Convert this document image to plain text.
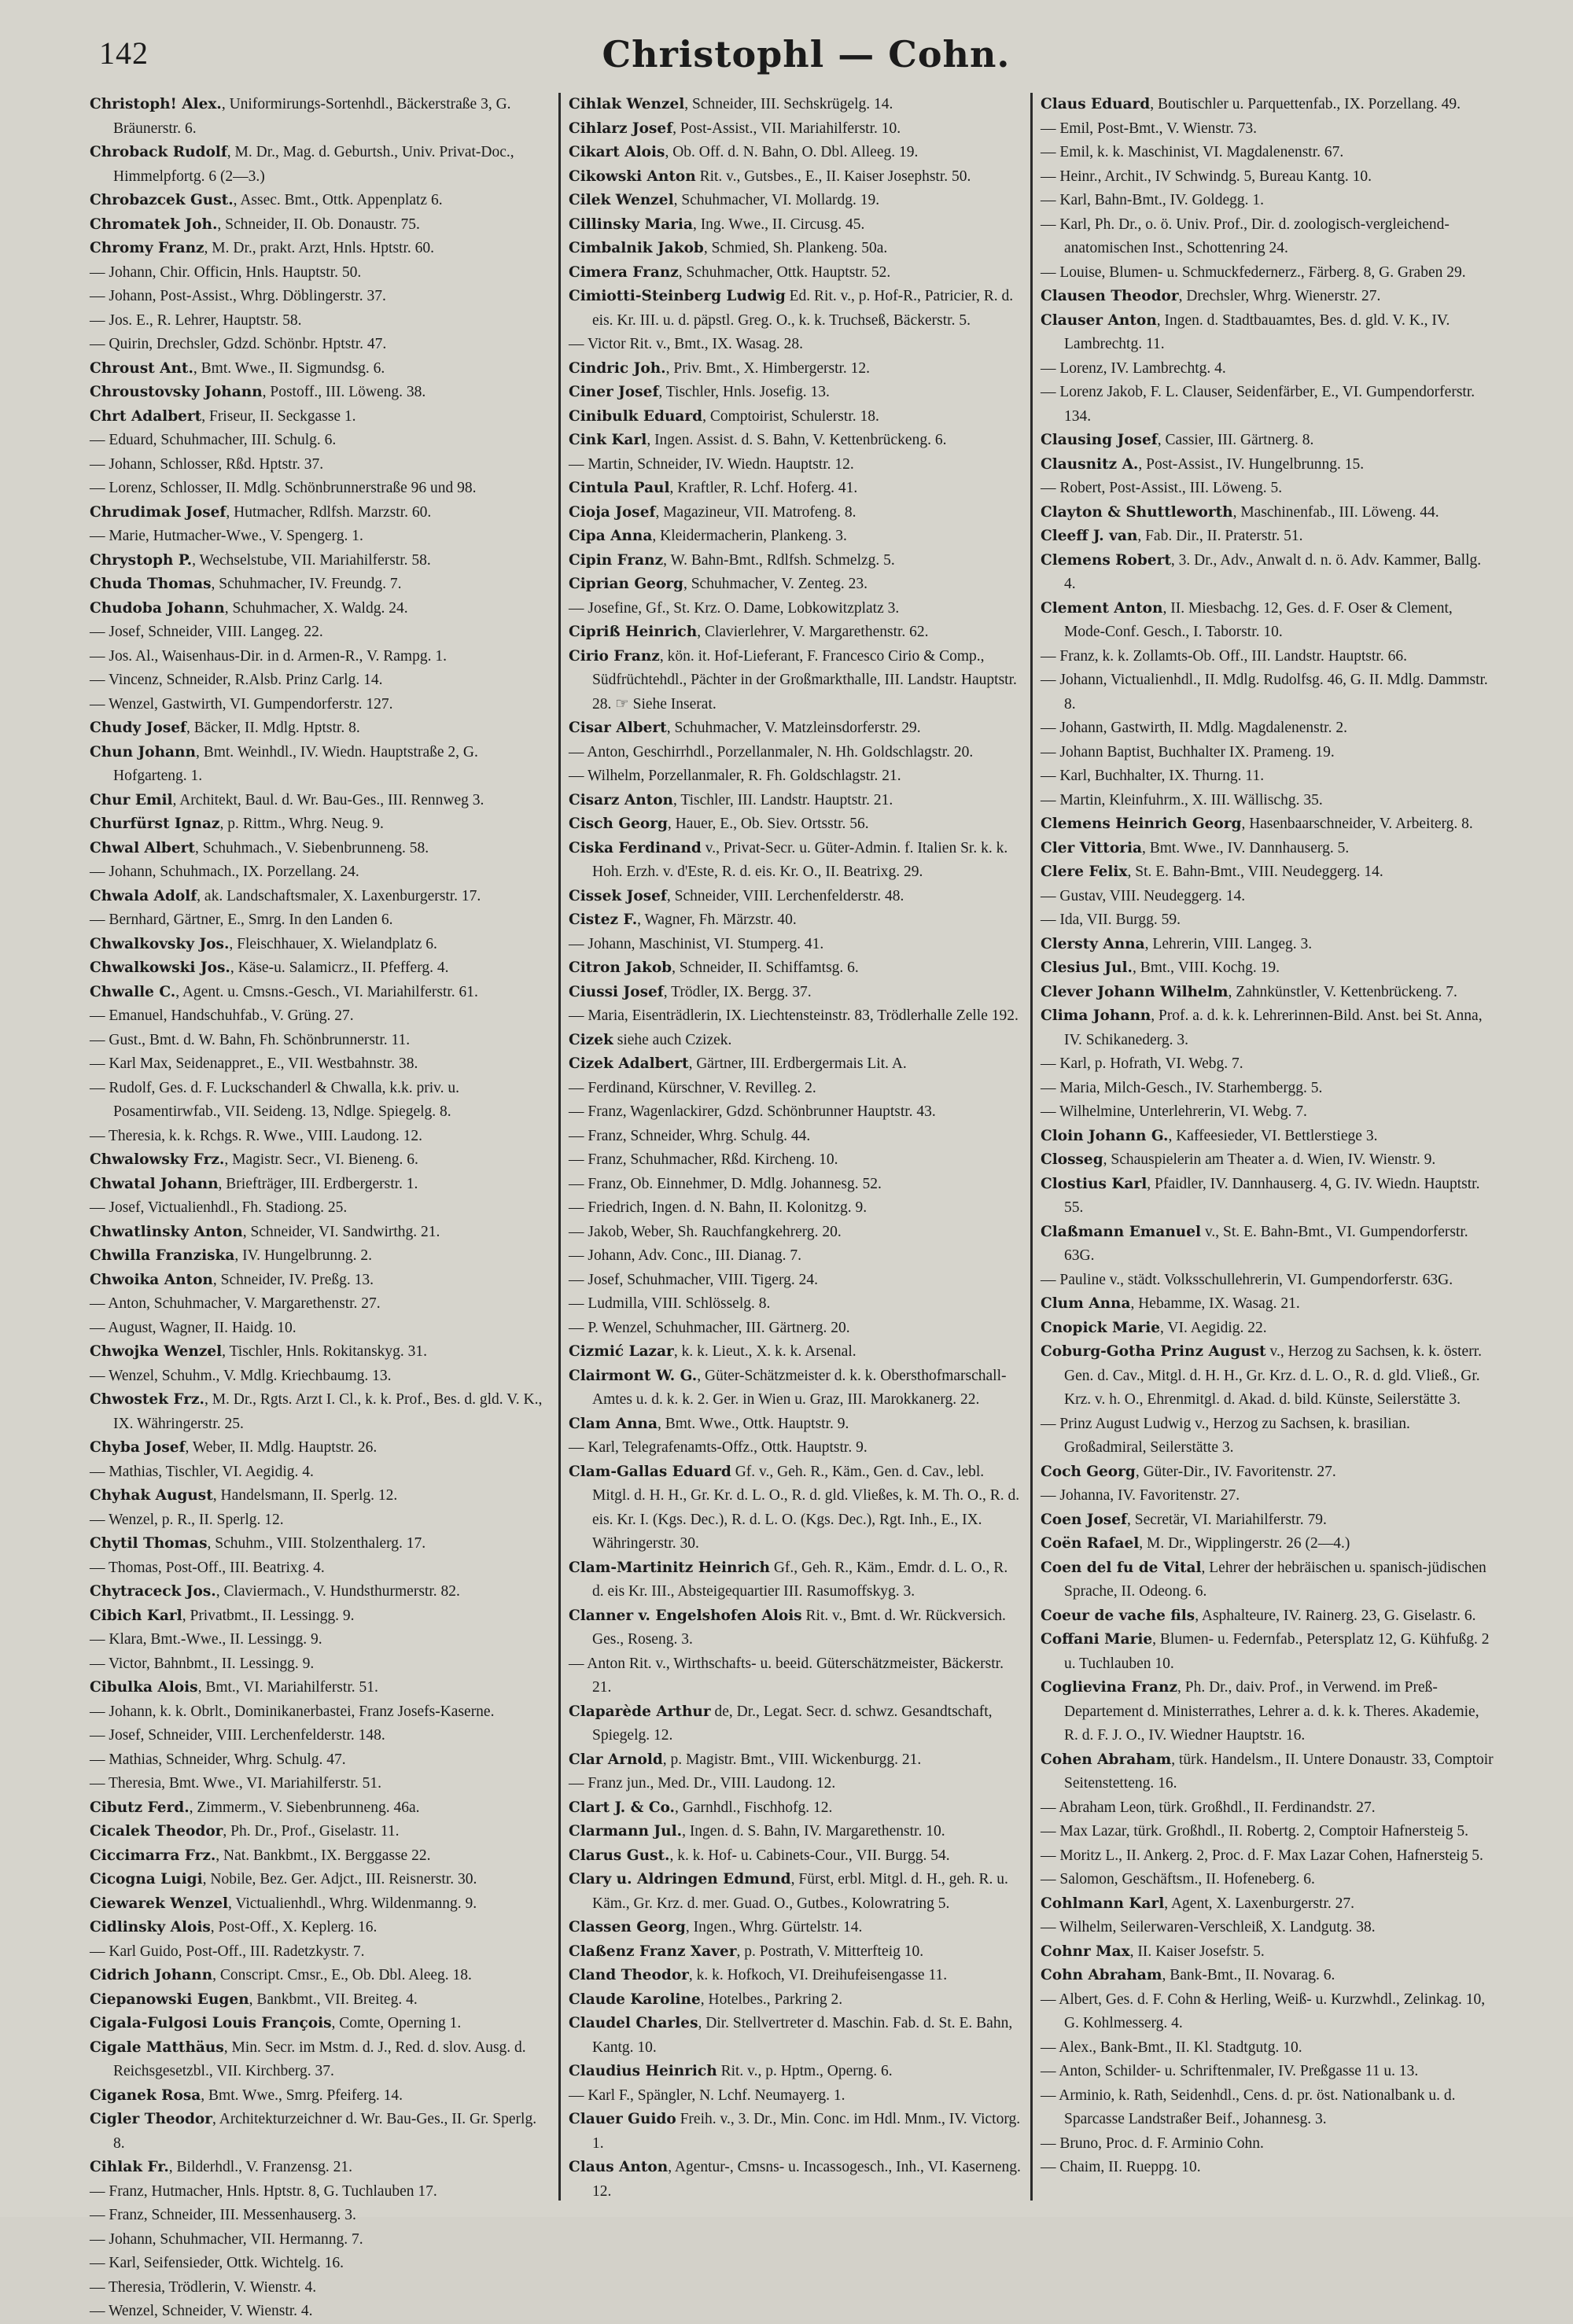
142	Christophl — Cohn.

Christoph! Alex., Uniformirungs-Sortenhdl., Bäckerstraße 3, G. Bräunerstr. 6.

Chroback Rudolf, M. Dr., Mag. d. Geburtsh., Univ. Privat-Doc., Himmelpfortg. 6 (2—3.)

Chrobazcek Gust., Assec. Bmt., Ottk. Appenplatz 6.

Chromatek Joh., Schneider, II. Ob. Donaustr. 75.

Chromy Franz, M. Dr., prakt. Arzt, Hnls. Hptstr. 60.

— Johann, Chir. Officin, Hnls. Hauptstr. 50.

— Johann, Post-Assist., Whrg. Döblingerstr. 37.

— Jos. E., R. Lehrer, Hauptstr. 58.

— Quirin, Drechsler, Gdzd. Schönbr. Hptstr. 47.

Chroust Ant., Bmt. Wwe., II. Sigmundsg. 6.

Chroustovsky Johann, Postoff., III. Löweng. 38.

Chrt Adalbert, Friseur, II. Seckgasse 1.

— Eduard, Schuhmacher, III. Schulg. 6.

— Johann, Schlosser, Rßd. Hptstr. 37.

— Lorenz, Schlosser, II. Mdlg. Schönbrunnerstraße 96 und 98.

Chrudimak Josef, Hutmacher, Rdlfsh. Marzstr. 60.

— Marie, Hutmacher-Wwe., V. Spengerg. 1.

Chrystoph P., Wechselstube, VII. Mariahilferstr. 58.

Chuda Thomas, Schuhmacher, IV. Freundg. 7.

Chudoba Johann, Schuhmacher, X. Waldg. 24.

— Josef, Schneider, VIII. Langeg. 22.

— Jos. Al., Waisenhaus-Dir. in d. Armen-R., V. Rampg. 1.

— Vincenz, Schneider, R.Alsb. Prinz Carlg. 14.

— Wenzel, Gastwirth, VI. Gumpendorferstr. 127.

Chudy Josef, Bäcker, II. Mdlg. Hptstr. 8.

Chun Johann, Bmt. Weinhdl., IV. Wiedn. Hauptstraße 2, G. Hofgarteng. 1.

Chur Emil, Architekt, Baul. d. Wr. Bau-Ges., III. Rennweg 3.

Churfürst Ignaz, p. Rittm., Whrg. Neug. 9.

Chwal Albert, Schuhmach., V. Siebenbrunneng. 58.

— Johann, Schuhmach., IX. Porzellang. 24.

Chwala Adolf, ak. Landschaftsmaler, X. Laxenburgerstr. 17.

— Bernhard, Gärtner, E., Smrg. In den Landen 6.

Chwalkovsky Jos., Fleischhauer, X. Wielandplatz 6.

Chwalkowski Jos., Käse-u. Salamicrz., II. Pfefferg. 4.

Chwalle C., Agent. u. Cmsns.-Gesch., VI. Mariahilferstr. 61.

— Emanuel, Handschuhfab., V. Grüng. 27.

— Gust., Bmt. d. W. Bahn, Fh. Schönbrunnerstr. 11.

— Karl Max, Seidenappret., E., VII. Westbahnstr. 38.

— Rudolf, Ges. d. F. Luckschanderl & Chwalla, k.k. priv. u. Posamentirwfab., VII. Seideng. 13, Ndlge. Spiegelg. 8.

— Theresia, k. k. Rchgs. R. Wwe., VIII. Laudong. 12.

Chwalowsky Frz., Magistr. Secr., VI. Bieneng. 6.

Chwatal Johann, Briefträger, III. Erdbergerstr. 1.

— Josef, Victualienhdl., Fh. Stadiong. 25.

Chwatlinsky Anton, Schneider, VI. Sandwirthg. 21.

Chwilla Franziska, IV. Hungelbrunng. 2.

Chwoika Anton, Schneider, IV. Preßg. 13.

— Anton, Schuhmacher, V. Margarethenstr. 27.

— August, Wagner, II. Haidg. 10.

Chwojka Wenzel, Tischler, Hnls. Rokitanskyg. 31.

— Wenzel, Schuhm., V. Mdlg. Kriechbaumg. 13.

Chwostek Frz., M. Dr., Rgts. Arzt I. Cl., k. k. Prof., Bes. d. gld. V. K., IX. Währingerstr. 25.

Chyba Josef, Weber, II. Mdlg. Hauptstr. 26.

— Mathias, Tischler, VI. Aegidig. 4.

Chyhak August, Handelsmann, II. Sperlg. 12.

— Wenzel, p. R., II. Sperlg. 12.

Chytil Thomas, Schuhm., VIII. Stolzenthalerg. 17.

— Thomas, Post-Off., III. Beatrixg. 4.

Chytraceck Jos., Claviermach., V. Hundsthurmerstr. 82.

Cibich Karl, Privatbmt., II. Lessingg. 9.

— Klara, Bmt.-Wwe., II. Lessingg. 9.

— Victor, Bahnbmt., II. Lessingg. 9.

Cibulka Alois, Bmt., VI. Mariahilferstr. 51.

— Johann, k. k. Obrlt., Dominikanerbastei, Franz Josefs-Kaserne.

— Josef, Schneider, VIII. Lerchenfelderstr. 148.

— Mathias, Schneider, Whrg. Schulg. 47.

— Theresia, Bmt. Wwe., VI. Mariahilferstr. 51.

Cibutz Ferd., Zimmerm., V. Siebenbrunneng. 46a.

Cicalek Theodor, Ph. Dr., Prof., Giselastr. 11.

Ciccimarra Frz., Nat. Bankbmt., IX. Berggasse 22.

Cicogna Luigi, Nobile, Bez. Ger. Adjct., III. Reisnerstr. 30.

Ciewarek Wenzel, Victualienhdl., Whrg. Wildenmanng. 9.

Cidlinsky Alois, Post-Off., X. Keplerg. 16.

— Karl Guido, Post-Off., III. Radetzkystr. 7.

Cidrich Johann, Conscript. Cmsr., E., Ob. Dbl. Aleeg. 18.

Ciepanowski Eugen, Bankbmt., VII. Breiteg. 4.

Cigala-Fulgosi Louis François, Comte, Operning 1.

Cigale Matthäus, Min. Secr. im Mstm. d. J., Red. d. slov. Ausg. d. Reichsgesetzbl., VII. Kirchberg. 37.

Ciganek Rosa, Bmt. Wwe., Smrg. Pfeiferg. 14.

Cigler Theodor, Architekturzeichner d. Wr. Bau-Ges., II. Gr. Sperlg. 8.

Cihlak Fr., Bilderhdl., V. Franzensg. 21.

— Franz, Hutmacher, Hnls. Hptstr. 8, G. Tuchlauben 17.

— Franz, Schneider, III. Messenhauserg. 3.

— Johann, Schuhmacher, VII. Hermanng. 7.

— Karl, Seifensieder, Ottk. Wichtelg. 16.

— Theresia, Trödlerin, V. Wienstr. 4.

— Wenzel, Schneider, V. Wienstr. 4.

Cihlak Wenzel, Schneider, III. Sechskrügelg. 14.

Cihlarz Josef, Post-Assist., VII. Mariahilferstr. 10.

Cikart Alois, Ob. Off. d. N. Bahn, O. Dbl. Alleeg. 19.

Cikowski Anton Rit. v., Gutsbes., E., II. Kaiser Josephstr. 50.

Cilek Wenzel, Schuhmacher, VI. Mollardg. 19.

Cillinsky Maria, Ing. Wwe., II. Circusg. 45.

Cimbalnik Jakob, Schmied, Sh. Plankeng. 50a.

Cimera Franz, Schuhmacher, Ottk. Hauptstr. 52.

Cimiotti-Steinberg Ludwig Ed. Rit. v., p. Hof-R., Patricier, R. d. eis. Kr. III. u. d. päpstl. Greg. O., k. k. Truchseß, Bäckerstr. 5.

— Victor Rit. v., Bmt., IX. Wasag. 28.

Cindric Joh., Priv. Bmt., X. Himbergerstr. 12.

Ciner Josef, Tischler, Hnls. Josefig. 13.

Cinibulk Eduard, Comptoirist, Schulerstr. 18.

Cink Karl, Ingen. Assist. d. S. Bahn, V. Kettenbrückeng. 6.

— Martin, Schneider, IV. Wiedn. Hauptstr. 12.

Cintula Paul, Kraftler, R. Lchf. Hoferg. 41.

Cioja Josef, Magazineur, VII. Matrofeng. 8.

Cipa Anna, Kleidermacherin, Plankeng. 3.

Cipin Franz, W. Bahn-Bmt., Rdlfsh. Schmelzg. 5.

Ciprian Georg, Schuhmacher, V. Zenteg. 23.

— Josefine, Gf., St. Krz. O. Dame, Lobkowitzplatz 3.

Cipriß Heinrich, Clavierlehrer, V. Margarethenstr. 62.

Cirio Franz, kön. it. Hof-Lieferant, F. Francesco Cirio & Comp., Südfrüchtehdl., Pächter in der Großmarkthalle, III. Landstr. Hauptstr. 28. ☞ Siehe Inserat.

Cisar Albert, Schuhmacher, V. Matzleinsdorferstr. 29.

— Anton, Geschirrhdl., Porzellanmaler, N. Hh. Goldschlagstr. 20.

— Wilhelm, Porzellanmaler, R. Fh. Goldschlagstr. 21.

Cisarz Anton, Tischler, III. Landstr. Hauptstr. 21.

Cisch Georg, Hauer, E., Ob. Siev. Ortsstr. 56.

Ciska Ferdinand v., Privat-Secr. u. Güter-Admin. f. Italien Sr. k. k. Hoh. Erzh. v. d'Este, R. d. eis. Kr. O., II. Beatrixg. 29.

Cissek Josef, Schneider, VIII. Lerchenfelderstr. 48.

Cistez F., Wagner, Fh. Märzstr. 40.

— Johann, Maschinist, VI. Stumperg. 41.

Citron Jakob, Schneider, II. Schiffamtsg. 6.

Ciussi Josef, Trödler, IX. Bergg. 37.

— Maria, Eisenträdlerin, IX. Liechtensteinstr. 83, Trödlerhalle Zelle 192.

Cizek siehe auch Czizek.

Cizek Adalbert, Gärtner, III. Erdbergermais Lit. A.

— Ferdinand, Kürschner, V. Revilleg. 2.

— Franz, Wagenlackirer, Gdzd. Schönbrunner Hauptstr. 43.

— Franz, Schneider, Whrg. Schulg. 44.

— Franz, Schuhmacher, Rßd. Kircheng. 10.

— Franz, Ob. Einnehmer, D. Mdlg. Johannesg. 52.

— Friedrich, Ingen. d. N. Bahn, II. Kolonitzg. 9.

— Jakob, Weber, Sh. Rauchfangkehrerg. 20.

— Johann, Adv. Conc., III. Dianag. 7.

— Josef, Schuhmacher, VIII. Tigerg. 24.

— Ludmilla, VIII. Schlösselg. 8.

— P. Wenzel, Schuhmacher, III. Gärtnerg. 20.

Cizmić Lazar, k. k. Lieut., X. k. k. Arsenal.

Clairmont W. G., Güter-Schätzmeister d. k. k. Obersthofmarschall-Amtes u. d. k. k. 2. Ger. in Wien u. Graz, III. Marokkanerg. 22.

Clam Anna, Bmt. Wwe., Ottk. Hauptstr. 9.

— Karl, Telegrafenamts-Offz., Ottk. Hauptstr. 9.

Clam-Gallas Eduard Gf. v., Geh. R., Käm., Gen. d. Cav., lebl. Mitgl. d. H. H., Gr. Kr. d. L. O., R. d. gld. Vließes, k. M. Th. O., R. d. eis. Kr. I. (Kgs. Dec.), R. d. L. O. (Kgs. Dec.), Rgt. Inh., E., IX. Währingerstr. 30.

Clam-Martinitz Heinrich Gf., Geh. R., Käm., Emdr. d. L. O., R. d. eis Kr. III., Absteigequartier III. Rasumoffskyg. 3.

Clanner v. Engelshofen Alois Rit. v., Bmt. d. Wr. Rückversich. Ges., Roseng. 3.

— Anton Rit. v., Wirthschafts- u. beeid. Güterschätzmeister, Bäckerstr. 21.

Claparède Arthur de, Dr., Legat. Secr. d. schwz. Gesandtschaft, Spiegelg. 12.

Clar Arnold, p. Magistr. Bmt., VIII. Wickenburgg. 21.

— Franz jun., Med. Dr., VIII. Laudong. 12.

Clart J. & Co., Garnhdl., Fischhofg. 12.

Clarmann Jul., Ingen. d. S. Bahn, IV. Margarethenstr. 10.

Clarus Gust., k. k. Hof- u. Cabinets-Cour., VII. Burgg. 54.

Clary u. Aldringen Edmund, Fürst, erbl. Mitgl. d. H., geh. R. u. Käm., Gr. Krz. d. mer. Guad. O., Gutbes., Kolowratring 5.

Classen Georg, Ingen., Whrg. Gürtelstr. 14.

Claßenz Franz Xaver, p. Postrath, V. Mitterfteig 10.

Cland Theodor, k. k. Hofkoch, VI. Dreihufeisengasse 11.

Claude Karoline, Hotelbes., Parkring 2.

Claudel Charles, Dir. Stellvertreter d. Maschin. Fab. d. St. E. Bahn, Kantg. 10.

Claudius Heinrich Rit. v., p. Hptm., Operng. 6.

— Karl F., Spängler, N. Lchf. Neumayerg. 1.

Clauer Guido Freih. v., 3. Dr., Min. Conc. im Hdl. Mnm., IV. Victorg. 1.

Claus Anton, Agentur-, Cmsns- u. Incassogesch., Inh., VI. Kaserneng. 12.

Claus Eduard, Boutischler u. Parquettenfab., IX. Porzellang. 49.

— Emil, Post-Bmt., V. Wienstr. 73.

— Emil, k. k. Maschinist, VI. Magdalenenstr. 67.

— Heinr., Archit., IV Schwindg. 5, Bureau Kantg. 10.

— Karl, Bahn-Bmt., IV. Goldegg. 1.

— Karl, Ph. Dr., o. ö. Univ. Prof., Dir. d. zoologisch-vergleichend-anatomischen Inst., Schottenring 24.

— Louise, Blumen- u. Schmuckfedernerz., Färberg. 8, G. Graben 29.

Clausen Theodor, Drechsler, Whrg. Wienerstr. 27.

Clauser Anton, Ingen. d. Stadtbauamtes, Bes. d. gld. V. K., IV. Lambrechtg. 11.

— Lorenz, IV. Lambrechtg. 4.

— Lorenz Jakob, F. L. Clauser, Seidenfärber, E., VI. Gumpendorferstr. 134.

Clausing Josef, Cassier, III. Gärtnerg. 8.

Clausnitz A., Post-Assist., IV. Hungelbrunng. 15.

— Robert, Post-Assist., III. Löweng. 5.

Clayton & Shuttleworth, Maschinenfab., III. Löweng. 44.

Cleeff J. van, Fab. Dir., II. Praterstr. 51.

Clemens Robert, 3. Dr., Adv., Anwalt d. n. ö. Adv. Kammer, Ballg. 4.

Clement Anton, II. Miesbachg. 12, Ges. d. F. Oser & Clement, Mode-Conf. Gesch., I. Taborstr. 10.

— Franz, k. k. Zollamts-Ob. Off., III. Landstr. Hauptstr. 66.

— Johann, Victualienhdl., II. Mdlg. Rudolfsg. 46, G. II. Mdlg. Dammstr. 8.

— Johann, Gastwirth, II. Mdlg. Magdalenenstr. 2.

— Johann Baptist, Buchhalter IX. Prameng. 19.

— Karl, Buchhalter, IX. Thurng. 11.

— Martin, Kleinfuhrm., X. III. Wällischg. 35.

Clemens Heinrich Georg, Hasenbaarschneider, V. Arbeiterg. 8.

Cler Vittoria, Bmt. Wwe., IV. Dannhauserg. 5.

Clere Felix, St. E. Bahn-Bmt., VIII. Neudeggerg. 14.

— Gustav, VIII. Neudeggerg. 14.

— Ida, VII. Burgg. 59.

Clersty Anna, Lehrerin, VIII. Langeg. 3.

Clesius Jul., Bmt., VIII. Kochg. 19.

Clever Johann Wilhelm, Zahnkünstler, V. Kettenbrückeng. 7.

Clima Johann, Prof. a. d. k. k. Lehrerinnen-Bild. Anst. bei St. Anna, IV. Schikanederg. 3.

— Karl, p. Hofrath, VI. Webg. 7.

— Maria, Milch-Gesch., IV. Starhembergg. 5.

— Wilhelmine, Unterlehrerin, VI. Webg. 7.

Cloin Johann G., Kaffeesieder, VI. Bettlerstiege 3.

Closseg, Schauspielerin am Theater a. d. Wien, IV. Wienstr. 9.

Clostius Karl, Pfaidler, IV. Dannhauserg. 4, G. IV. Wiedn. Hauptstr. 55.

Claßmann Emanuel v., St. E. Bahn-Bmt., VI. Gumpendorferstr. 63G.

— Pauline v., städt. Volksschullehrerin, VI. Gumpendorferstr. 63G.

Clum Anna, Hebamme, IX. Wasag. 21.

Cnopick Marie, VI. Aegidig. 22.

Coburg-Gotha Prinz August v., Herzog zu Sachsen, k. k. österr. Gen. d. Cav., Mitgl. d. H. H., Gr. Krz. d. L. O., R. d. gld. Vließ., Gr. Krz. v. h. O., Ehrenmitgl. d. Akad. d. bild. Künste, Seilerstätte 3.

— Prinz August Ludwig v., Herzog zu Sachsen, k. brasilian. Großadmiral, Seilerstätte 3.

Coch Georg, Güter-Dir., IV. Favoritenstr. 27.

— Johanna, IV. Favoritenstr. 27.

Coen Josef, Secretär, VI. Mariahilferstr. 79.

Coën Rafael, M. Dr., Wipplingerstr. 26 (2—4.)

Coen del fu de Vital, Lehrer der hebräischen u. spanisch-jüdischen Sprache, II. Odeong. 6.

Coeur de vache fils, Asphalteure, IV. Rainerg. 23, G. Giselastr. 6.

Coffani Marie, Blumen- u. Federnfab., Petersplatz 12, G. Kühfußg. 2 u. Tuchlauben 10.

Coglievina Franz, Ph. Dr., daiv. Prof., in Verwend. im Preß-Departement d. Ministerrathes, Lehrer a. d. k. k. Theres. Akademie, R. d. F. J. O., IV. Wiedner Hauptstr. 16.

Cohen Abraham, türk. Handelsm., II. Untere Donaustr. 33, Comptoir Seitenstetteng. 16.

— Abraham Leon, türk. Großhdl., II. Ferdinandstr. 27.

— Max Lazar, türk. Großhdl., II. Robertg. 2, Comptoir Hafnersteig 5.

— Moritz L., II. Ankerg. 2, Proc. d. F. Max Lazar Cohen, Hafnersteig 5.

— Salomon, Geschäftsm., II. Hofeneberg. 6.

Cohlmann Karl, Agent, X. Laxenburgerstr. 27.

— Wilhelm, Seilerwaren-Verschleiß, X. Landgutg. 38.

Cohnr Max, II. Kaiser Josefstr. 5.

Cohn Abraham, Bank-Bmt., II. Novarag. 6.

— Albert, Ges. d. F. Cohn & Herling, Weiß- u. Kurzwhdl., Zelinkag. 10, G. Kohlmesserg. 4.

— Alex., Bank-Bmt., II. Kl. Stadtgutg. 10.

— Anton, Schilder- u. Schriftenmaler, IV. Preßgasse 11 u. 13.

— Arminio, k. Rath, Seidenhdl., Cens. d. pr. öst. Nationalbank u. d. Sparcasse Landstraßer Beif., Johannesg. 3.

— Bruno, Proc. d. F. Arminio Cohn.

— Chaim, II. Rueppg. 10.
